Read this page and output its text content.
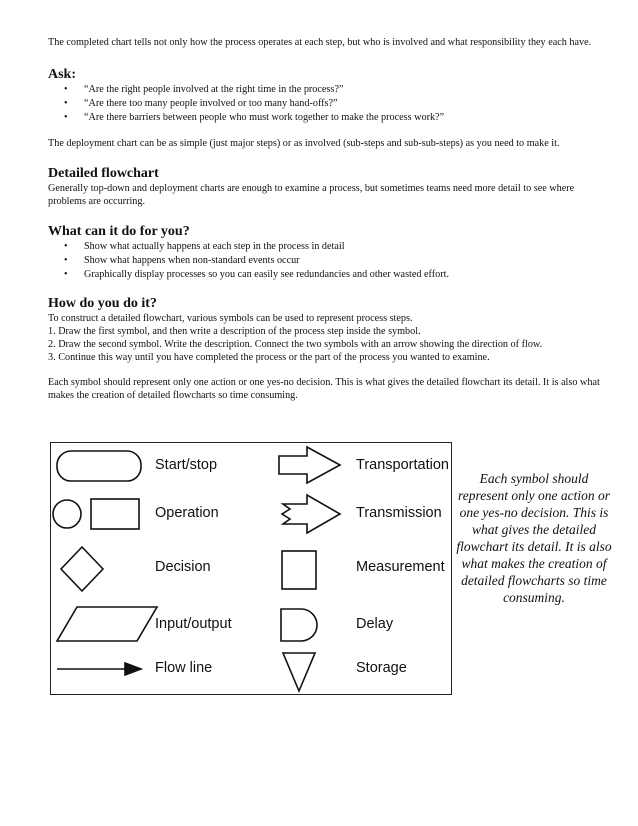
The completed chart tells not only how the process operates at each step, but who is involved and what responsibility they each have.

Ask:
• “Are the right people involved at the right time in the process?”
• “Are there too many people involved or too many hand-offs?”
• “Are there barriers between people who must work together to make the process work?”

The deployment chart can be as simple (just major steps) or as involved (sub-steps and sub-sub-steps) as you need to make it.

Detailed flowchart

Generally top-down and deployment charts are enough to examine a process, but sometimes teams need more detail to see where problems are occurring.

What can it do for you?
• Show what actually happens at each step in the process in detail
• Show what happens when non-standard events occur
• Graphically display processes so you can easily see redundancies and other wasted effort.
How do you do it?

To construct a detailed flowchart, various symbols can be used to represent process steps.

1. Draw the first symbol, and then write a description of the process step inside the symbol.

2. Draw the second symbol. Write the description. Connect the two symbols with an arrow showing the direction of flow.

3. Continue this way until you have completed the process or the part of the process you wanted to examine.

Each symbol should represent only one action or one yes-no decision. This is what gives the detailed flowchart its detail. It is also what makes the creation of detailed flowcharts so time consuming.

Start/stop
Operation
Decision
Input/output
Flow line
Transportation
Transmission
Measurement
Delay
Storage
Each symbol should represent only one action or one yes-no decision. This is what gives the detailed flowchart its detail. It is also what makes the creation of detailed flowcharts so time consuming.
